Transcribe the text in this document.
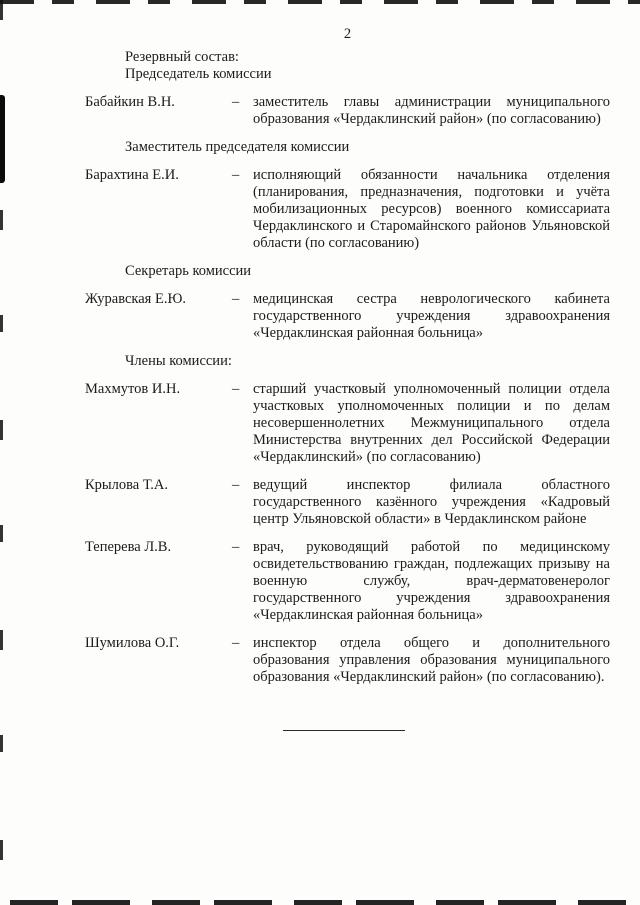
2
Резервный состав:
Председатель комиссии
Бабайкин В.Н.	– заместитель главы администрации муниципального образования «Чердаклинский район» (по согласованию)
Заместитель председателя комиссии
Барахтина Е.И.	– исполняющий обязанности начальника отделения (планирования, предназначения, подготовки и учёта мобилизационных ресурсов) военного комиссариата Чердаклинского и Старомайнского районов Ульяновской области (по согласованию)
Секретарь комиссии
Журавская Е.Ю.	– медицинская сестра неврологического кабинета государственного учреждения здравоохранения «Чердаклинская районная больница»
Члены комиссии:
Махмутов И.Н.	– старший участковый уполномоченный полиции отдела участковых уполномоченных полиции и по делам несовершеннолетних Межмуниципального отдела Министерства внутренних дел Российской Федерации «Чердаклинский» (по согласованию)
Крылова Т.А.	– ведущий инспектор филиала областного государственного казённого учреждения «Кадровый центр Ульяновской области» в Чердаклинском районе
Теперева Л.В.	– врач, руководящий работой по медицинскому освидетельствованию граждан, подлежащих призыву на военную службу, врач-дерматовенеролог государственного учреждения здравоохранения «Чердаклинская районная больница»
Шумилова О.Г.	– инспектор отдела общего и дополнительного образования управления образования муниципального образования «Чердаклинский район» (по согласованию).
